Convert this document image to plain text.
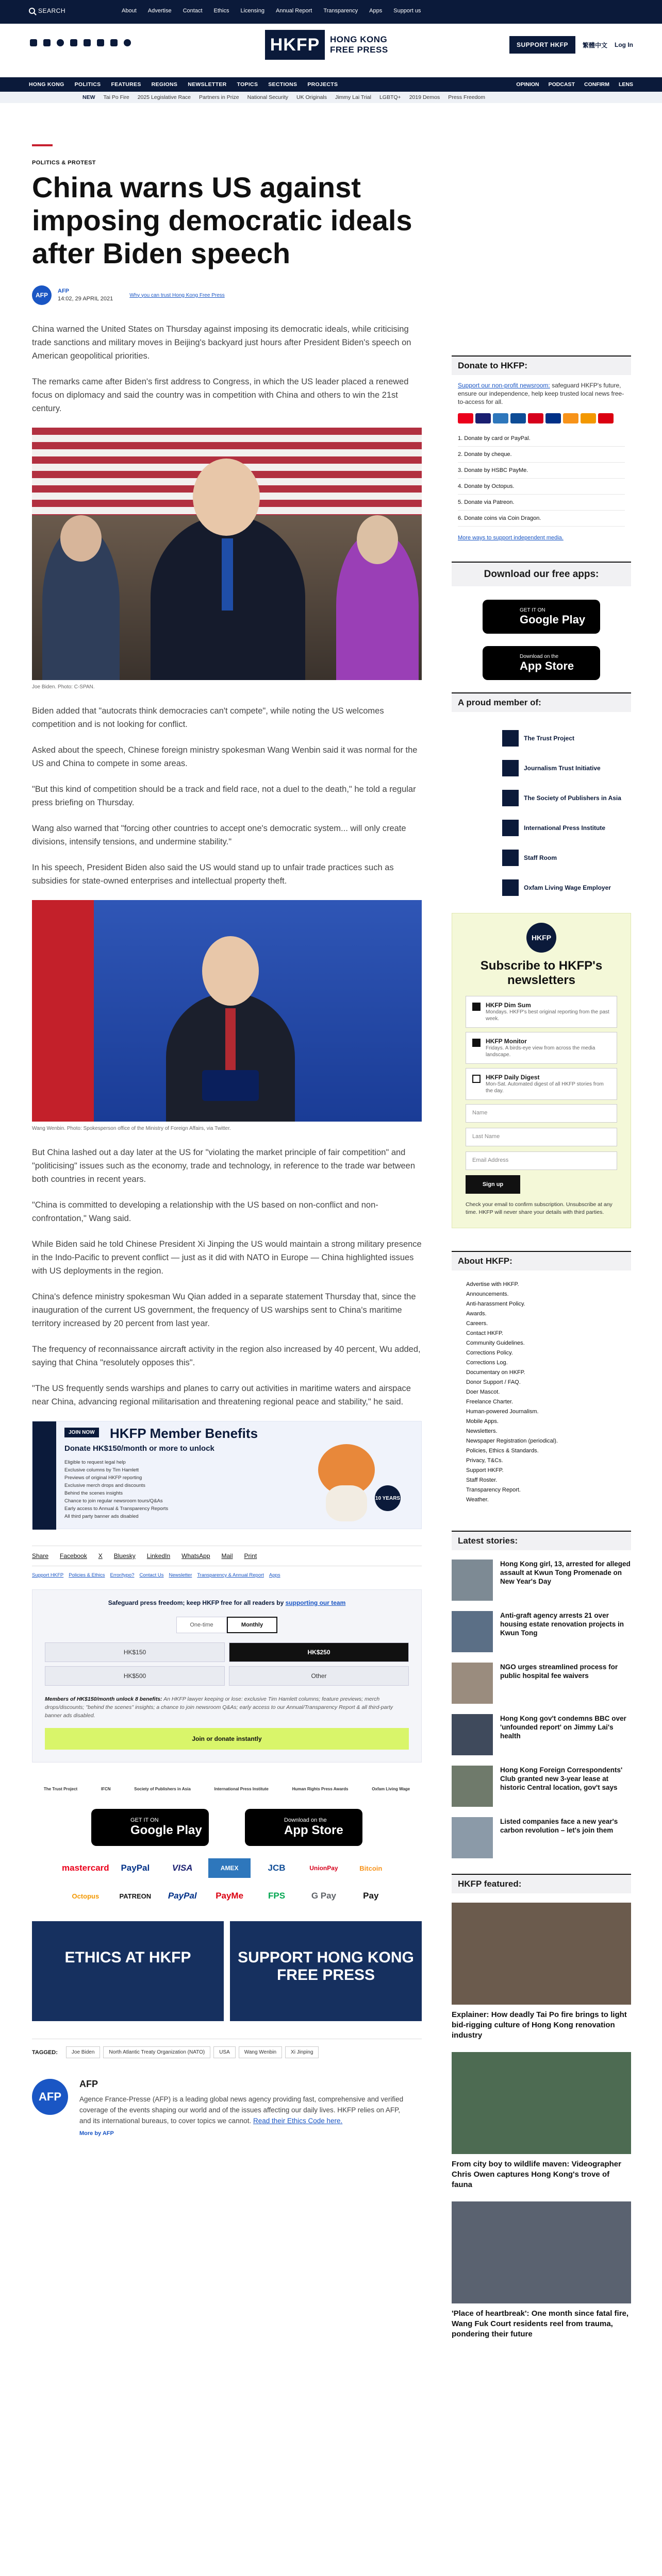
SEARCH	About Advertise Contact Ethics Licensing Annual Report Transparency Apps Support us
HKFP	HONG KONG
FREE PRESS	SUPPORT HKFP	繁體中文 Log In
HONG KONG POLITICS FEATURES REGIONS NEWSLETTER TOPICS SECTIONS PROJECTS	OPINION PODCAST CONFIRM LENS
NEW Tai Po Fire 2025 Legislative Race Partners in Prize National Security UK Originals Jimmy Lai Trial LGBTQ+ 2019 Demos Press Freedom
POLITICS & PROTEST
China warns US against imposing democratic ideals after Biden speech
AFP
AFP
14:02, 29 APRIL 2021
Why you can trust Hong Kong Free Press

China warned the United States on Thursday against imposing its democratic ideals, while criticising trade sanctions and military moves in Beijing's backyard just hours after President Biden's speech on American geopolitical priorities.

The remarks came after Biden's first address to Congress, in which the US leader placed a renewed focus on diplomacy and said the country was in competition with China and others to win the 21st century.

Joe Biden. Photo: C-SPAN.

Biden added that "autocrats think democracies can't compete", while noting the US welcomes competition and is not looking for conflict.

Asked about the speech, Chinese foreign ministry spokesman Wang Wenbin said it was normal for the US and China to compete in some areas.

"But this kind of competition should be a track and field race, not a duel to the death," he told a regular press briefing on Thursday.

Wang also warned that "forcing other countries to accept one's democratic system... will only create divisions, intensify tensions, and undermine stability."

In his speech, President Biden also said the US would stand up to unfair trade practices such as subsidies for state-owned enterprises and intellectual property theft.

Wang Wenbin. Photo: Spokesperson office of the Ministry of Foreign Affairs, via Twitter.

But China lashed out a day later at the US for "violating the market principle of fair competition" and "politicising" issues such as the economy, trade and technology, in reference to the trade war between both countries in recent years.

"China is committed to developing a relationship with the US based on non-conflict and non-confrontation," Wang said.

While Biden said he told Chinese President Xi Jinping the US would maintain a strong military presence in the Indo-Pacific to prevent conflict — just as it did with NATO in Europe — China highlighted issues with US deployments in the region.

China's defence ministry spokesman Wu Qian added in a separate statement Thursday that, since the inauguration of the current US government, the frequency of US warships sent to China's maritime territory increased by 20 percent from last year.

The frequency of reconnaissance aircraft activity in the region also increased by 40 percent, Wu added, saying that China "resolutely opposes this".

"The US frequently sends warships and planes to carry out activities in maritime waters and airspace near China, advancing regional militarisation and threatening regional peace and stability," he said.

JOIN NOW	HKFP Member Benefits
Donate HK$150/month or more to unlock
Eligible to request legal help
Exclusive columns by Tim Hamlett
Previews of original HKFP reporting
Exclusive merch drops and discounts
Behind the scenes insights
Chance to join regular newsroom tours/Q&As
Early access to Annual & Transparency Reports
All third party banner ads disabled
10 YEARS
Share Facebook X Bluesky LinkedIn WhatsApp Mail Print
Support HKFP Policies & Ethics Error/typo? Contact Us Newsletter Transparency & Annual Report Apps
Safeguard press freedom; keep HKFP free for all readers by supporting our team
One-time	Monthly
HK$150	HK$250
HK$500	Other
Members of HK$150/month unlock 8 benefits: An HKFP lawyer keeping or lose: exclusive Tim Hamlett columns; feature previews; merch drops/discounts; "behind the scenes" insights; a chance to join newsroom Q&As; early access to our Annual/Transparency Report & all third-party banner ads disabled.
Join or donate instantly
The Trust Project	IFCN	Society of Publishers in Asia	International Press Institute	Human Rights Press Awards	Oxfam Living Wage
GET IT ON
Google Play
Download on the
App Store
mastercard	PayPal	VISA	AMEX	JCB	UnionPay	Bitcoin
Octopus	PATREON	PayPal	PayMe	FPS	G Pay	Pay
ETHICS AT HKFP	SUPPORT HONG KONG FREE PRESS
TAGGED:	Joe Biden	North Atlantic Treaty Organization (NATO)	USA	Wang Wenbin	Xi Jinping
AFP
AFP
Agence France-Presse (AFP) is a leading global news agency providing fast, comprehensive and verified coverage of the events shaping our world and of the issues affecting our daily lives. HKFP relies on AFP, and its international bureaus, to cover topics we cannot. Read their Ethics Code here.
More by AFP
Donate to HKFP:
Support our non-profit newsroom: safeguard HKFP's future, ensure our independence, help keep trusted local news free-to-access for all.
1. Donate by card or PayPal.
2. Donate by cheque.
3. Donate by HSBC PayMe.
4. Donate by Octopus.
5. Donate via Patreon.
6. Donate coins via Coin Dragon.
More ways to support independent media.
Download our free apps:
GET IT ON
Google Play
Download on the
App Store
A proud member of:
The Trust Project
Journalism Trust Initiative
The Society of Publishers in Asia
International Press Institute
Staff Room
Oxfam Living Wage Employer
HKFP
Subscribe to HKFP's newsletters
HKFP Dim Sum
Mondays. HKFP's best original reporting from the past week.
HKFP Monitor
Fridays. A birds-eye view from across the media landscape.
HKFP Daily Digest
Mon-Sat. Automated digest of all HKFP stories from the day.
Name
Last Name
Email Address
Sign up
Check your email to confirm subscription. Unsubscribe at any time. HKFP will never share your details with third parties.
About HKFP:
Advertise with HKFP.
Announcements.
Anti-harassment Policy.
Awards.
Careers.
Contact HKFP.
Community Guidelines.
Corrections Policy.
Corrections Log.
Documentary on HKFP.
Donor Support / FAQ.
Doer Mascot.
Freelance Charter.
Human-powered Journalism.
Mobile Apps.
Newsletters.
Newspaper Registration (periodical).
Policies, Ethics & Standards.
Privacy, T&Cs.
Support HKFP.
Staff Roster.
Transparency Report.
Weather.
Latest stories:
Hong Kong girl, 13, arrested for alleged assault at Kwun Tong Promenade on New Year's Day
Anti-graft agency arrests 21 over housing estate renovation projects in Kwun Tong
NGO urges streamlined process for public hospital fee waivers
Hong Kong gov't condemns BBC over 'unfounded report' on Jimmy Lai's health
Hong Kong Foreign Correspondents' Club granted new 3-year lease at historic Central location, gov't says
Listed companies face a new year's carbon revolution – let's join them
HKFP featured:
Explainer: How deadly Tai Po fire brings to light bid-rigging culture of Hong Kong renovation industry
From city boy to wildlife maven: Videographer Chris Owen captures Hong Kong's trove of fauna
'Place of heartbreak': One month since fatal fire, Wang Fuk Court residents reel from trauma, pondering their future
